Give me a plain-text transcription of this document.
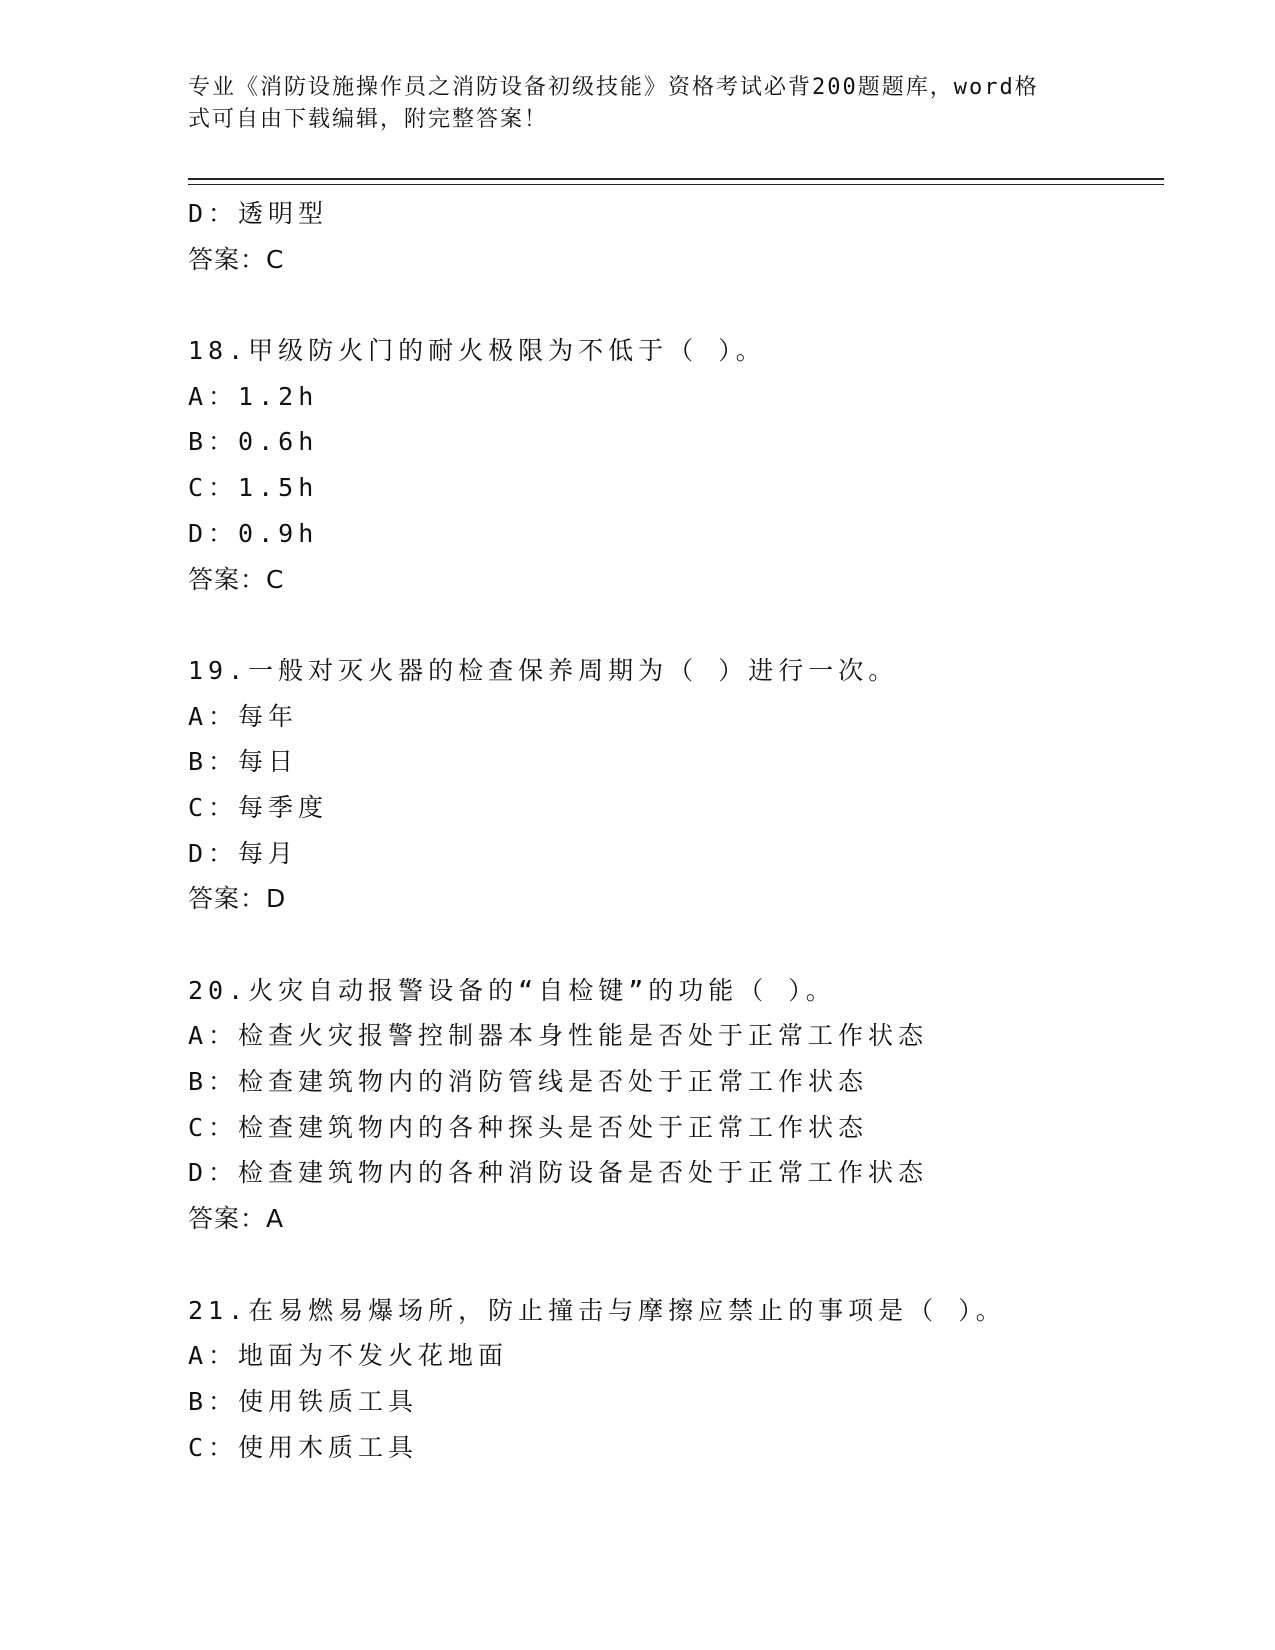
专业《消防设施操作员之消防设备初级技能》资格考试必背200题题库，word格
式可自由下载编辑，附完整答案！
D：透明型
答案：C
18.甲级防火门的耐火极限为不低于（ ）。
A：1.2h
B：0.6h
C：1.5h
D：0.9h
答案：C
19.一般对灭火器的检查保养周期为（ ）进行一次。
A：每年
B：每日
C：每季度
D：每月
答案：D
20.火灾自动报警设备的“自检键”的功能（ ）。
A：检查火灾报警控制器本身性能是否处于正常工作状态
B：检查建筑物内的消防管线是否处于正常工作状态
C：检查建筑物内的各种探头是否处于正常工作状态
D：检查建筑物内的各种消防设备是否处于正常工作状态
答案：A
21.在易燃易爆场所，防止撞击与摩擦应禁止的事项是（ ）。
A：地面为不发火花地面
B：使用铁质工具
C：使用木质工具
